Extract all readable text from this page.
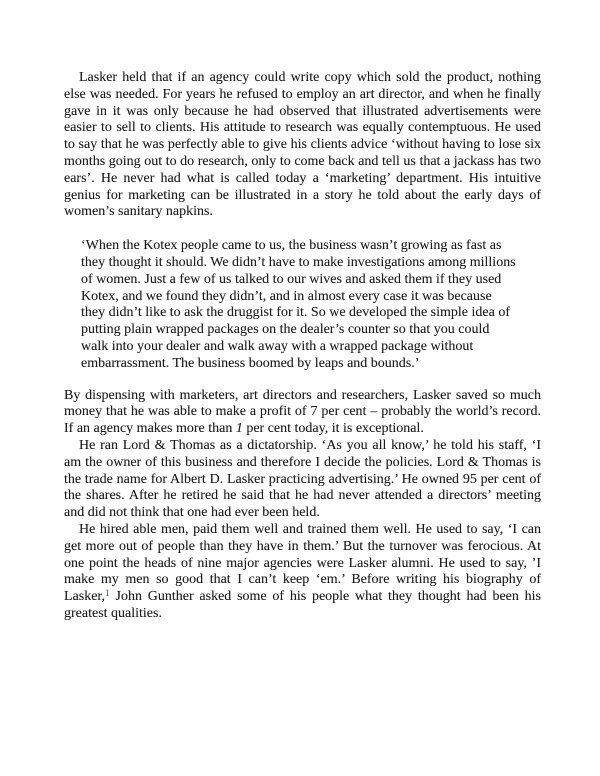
Lasker held that if an agency could write copy which sold the product, nothing else was needed. For years he refused to employ an art director, and when he finally gave in it was only because he had observed that illustrated advertisements were easier to sell to clients. His attitude to research was equally contemptuous. He used to say that he was perfectly able to give his clients advice ‘without having to lose six months going out to do research, only to come back and tell us that a jackass has two ears’. He never had what is called today a ‘marketing’ department. His intuitive genius for marketing can be illustrated in a story he told about the early days of women’s sanitary napkins.

‘When the Kotex people came to us, the business wasn’t growing as fast as they thought it should. We didn’t have to make investigations among millions of women. Just a few of us talked to our wives and asked them if they used Kotex, and we found they didn’t, and in almost every case it was because they didn’t like to ask the druggist for it. So we developed the simple idea of putting plain wrapped packages on the dealer’s counter so that you could walk into your dealer and walk away with a wrapped package without embarrassment. The business boomed by leaps and bounds.’

By dispensing with marketers, art directors and researchers, Lasker saved so much money that he was able to make a profit of 7 per cent – probably the world’s record. If an agency makes more than 1 per cent today, it is exceptional.

He ran Lord & Thomas as a dictatorship. ‘As you all know,’ he told his staff, ‘I am the owner of this business and therefore I decide the policies. Lord & Thomas is the trade name for Albert D. Lasker practicing advertising.’ He owned 95 per cent of the shares. After he retired he said that he had never attended a directors’ meeting and did not think that one had ever been held.

He hired able men, paid them well and trained them well. He used to say, ‘I can get more out of people than they have in them.’ But the turnover was ferocious. At one point the heads of nine major agencies were Lasker alumni. He used to say, ’I make my men so good that I can’t keep ‘em.’ Before writing his biography of Lasker,$^1$ John Gunther asked some of his people what they thought had been his greatest qualities.
